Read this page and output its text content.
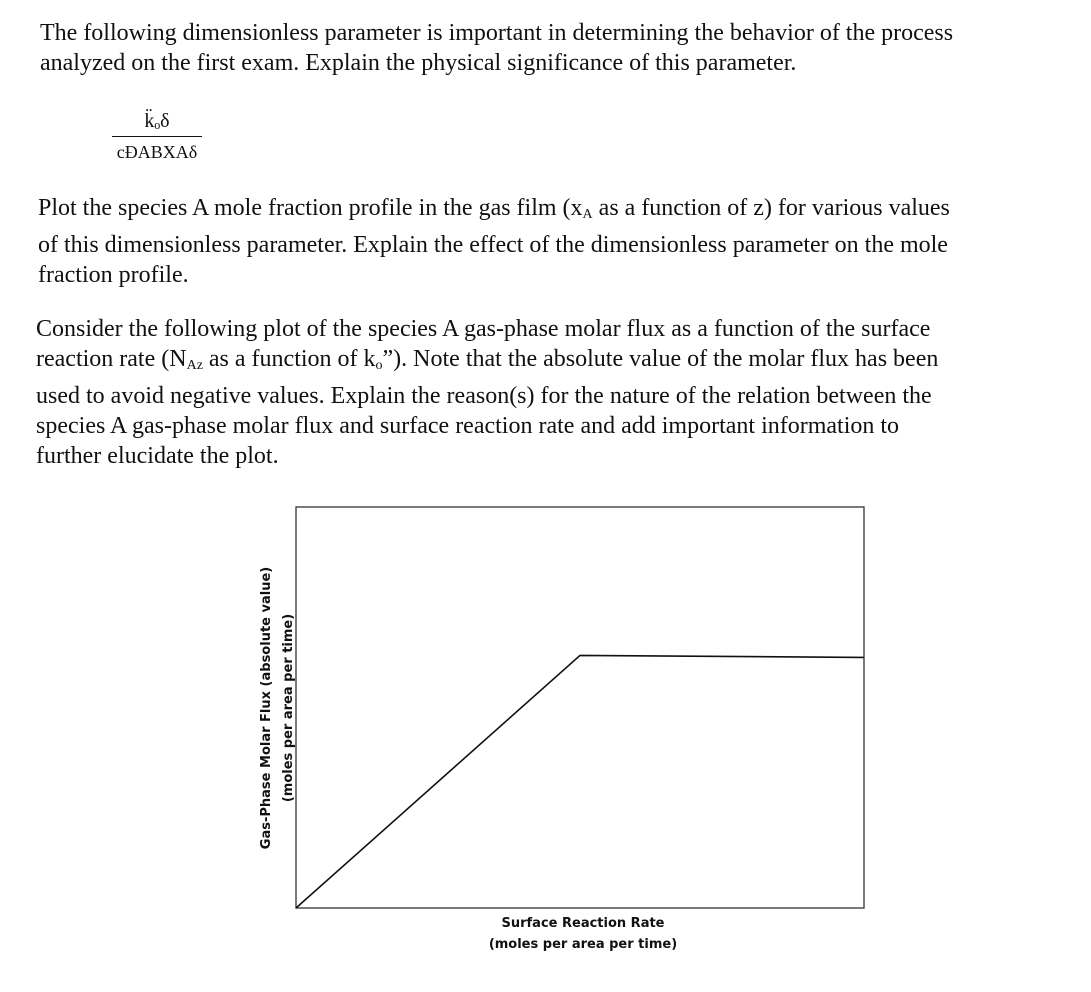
The following dimensionless parameter is important in determining the behavior of the process
analyzed on the first exam. Explain the physical significance of this parameter.
k̈ₒδ
cĐABXAδ
Plot the species A mole fraction profile in the gas film ($x_A$ as a function of z) for various values
of this dimensionless parameter. Explain the effect of the dimensionless parameter on the mole
fraction profile.
Consider the following plot of the species A gas-phase molar flux as a function of the surface
reaction rate ($N_{Az}$ as a function of $k_o$”). Note that the absolute value of the molar flux has been
used to avoid negative values. Explain the reason(s) for the nature of the relation between the
species A gas-phase molar flux and surface reaction rate and add important information to
further elucidate the plot.
Surface Reaction Rate
(moles per area per time)
Gas-Phase Molar Flux (absolute value) (moles per area per time)
